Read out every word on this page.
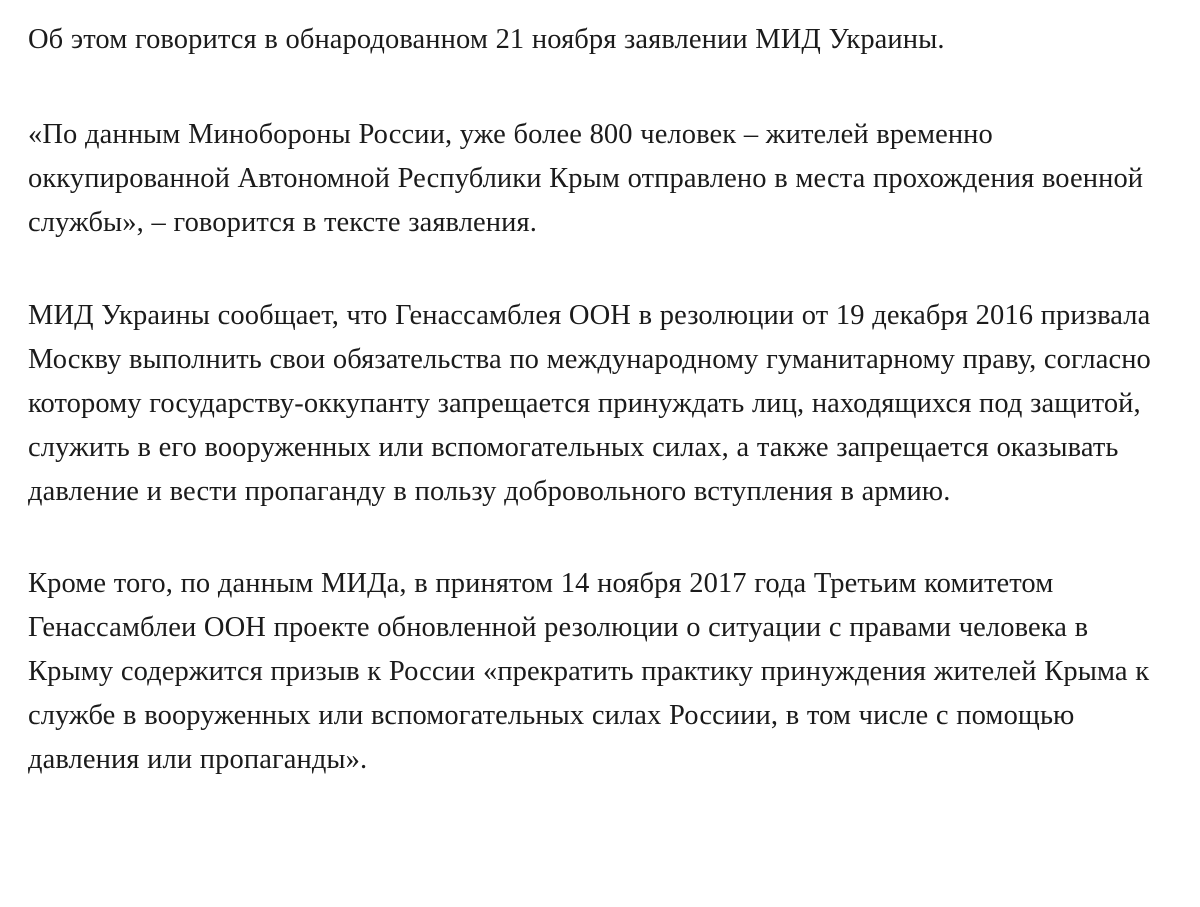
Об этом говорится в обнародованном 21 ноября заявлении МИД Украины.

«По данным Минобороны России, уже более 800 человек – жителей временно оккупированной Автономной Республики Крым отправлено в места прохождения военной службы», – говорится в тексте заявления.

МИД Украины сообщает, что Генассамблея ООН в резолюции от 19 декабря 2016 призвала Москву выполнить свои обязательства по международному гуманитарному праву, согласно которому государству-оккупанту запрещается принуждать лиц, находящихся под защитой, служить в его вооруженных или вспомогательных силах, а также запрещается оказывать давление и вести пропаганду в пользу добровольного вступления в армию.

Кроме того, по данным МИДа, в принятом 14 ноября 2017 года Третьим комитетом Генассамблеи ООН проекте обновленной резолюции о ситуации с правами человека в Крыму содержится призыв к России «прекратить практику принуждения жителей Крыма к службе в вооруженных или вспомогательных силах Россиии, в том числе с помощью давления или пропаганды».
